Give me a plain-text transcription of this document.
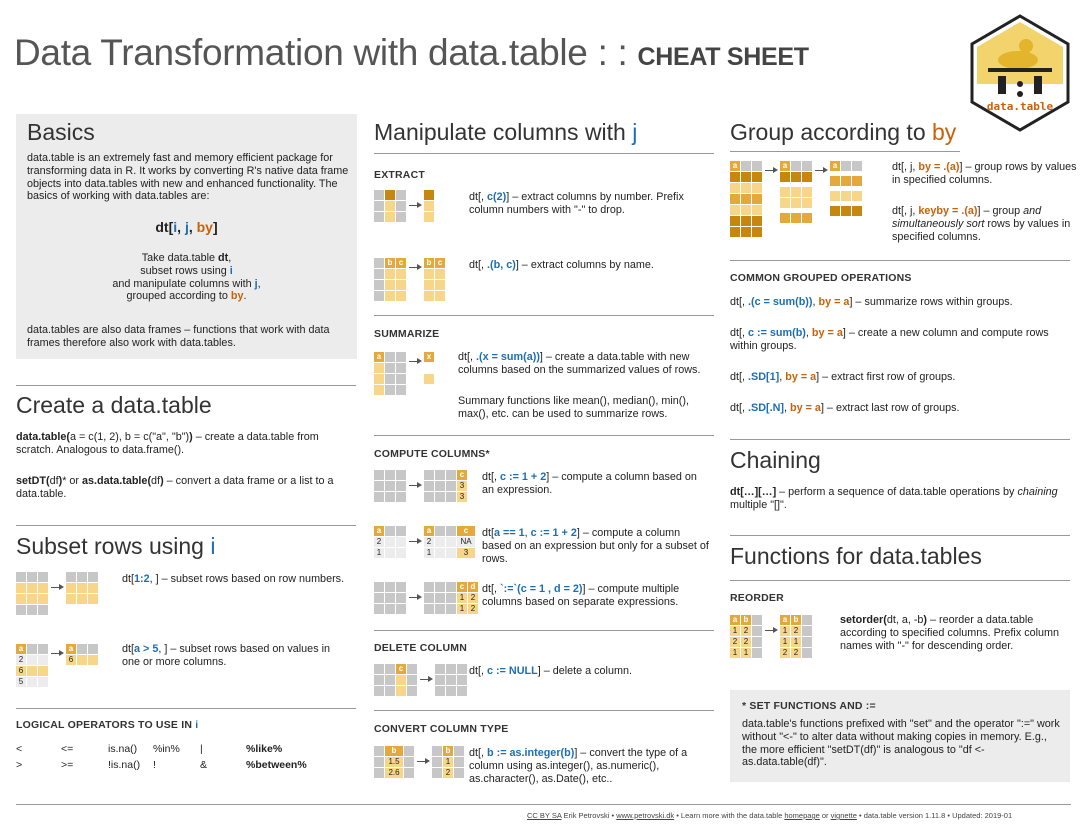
Data Transformation with data.table : : CHEAT SHEET
data.table
Basics
data.table is an extremely fast and memory efficient package for transforming data in R. It works by converting R's native data frame objects into data.tables with new and enhanced functionality. The basics of working with data.tables are:
dt[i, j, by]
Take data.table dt,
subset rows using i
and manipulate columns with j,
grouped according to by.
data.tables are also data frames – functions that work with data frames therefore also work with data.tables.
Create a data.table
data.table(a = c(1, 2), b = c("a", "b")) – create a data.table from scratch. Analogous to data.frame().
setDT(df)* or as.data.table(df) – convert a data frame or a list to a data.table.
Subset rows using i
dt[1:2, ] – subset rows based on row numbers.
a
2
6
5
a
6
dt[a > 5, ] – subset rows based on values in one or more columns.
LOGICAL OPERATORS TO USE IN i
<	<=	is.na() %in% |	%like%
>	>=	!is.na() !	&	%between%
Manipulate columns with j
EXTRACT
dt[, c(2)] – extract columns by number. Prefix column numbers with "-" to drop.
b c	b c dt[, .(b, c)] – extract columns by name.
SUMMARIZE
a	x dt[, .(x = sum(a))] – create a data.table with new columns based on the summarized values of rows.
Summary functions like mean(), median(), min(), max(), etc. can be used to summarize rows.
COMPUTE COLUMNS*
c
3
3
dt[, c := 1 + 2] – compute a column based on an expression.
a
2
1
a	c
2	NA
1	3
dt[a == 1, c := 1 + 2] – compute a column based on an expression but only for a subset of rows.
c d
1 2
1 2
dt[, `:=`(c = 1 , d = 2)] – compute multiple columns based on separate expressions.
DELETE COLUMN
c	dt[, c := NULL] – delete a column.
CONVERT COLUMN TYPE
b
1.5
2.6
b
1
2
dt[, b := as.integer(b)] – convert the type of a column using as.integer(), as.numeric(), as.character(), as.Date(), etc..
Group according to by
a	a	a	dt[, j, by = .(a)] – group rows by values in specified columns.
dt[, j, keyby = .(a)] – group and simultaneously sort rows by values in specified columns.
COMMON GROUPED OPERATIONS
dt[, .(c = sum(b)), by = a] – summarize rows within groups.
dt[, c := sum(b), by = a] – create a new column and compute rows within groups.
dt[, .SD[1], by = a] – extract first row of groups.
dt[, .SD[.N], by = a] – extract last row of groups.
Chaining
dt[…][…] – perform a sequence of data.table operations by chaining multiple "[]".
Functions for data.tables
REORDER
a b
1 2
2 2
1 1
a b
1 2
1 1
2 2
setorder(dt, a, -b) – reorder a data.table according to specified columns. Prefix column names with "-" for descending order.
* SET FUNCTIONS AND :=
data.table's functions prefixed with "set" and the operator ":=" work without "<-" to alter data without making copies in memory. E.g., the more efficient "setDT(df)" is analogous to "df <- as.data.table(df)".
CC BY SA Erik Petrovski • www.petrovski.dk • Learn more with the data.table homepage or vignette • data.table version 1.11.8 • Updated: 2019-01
